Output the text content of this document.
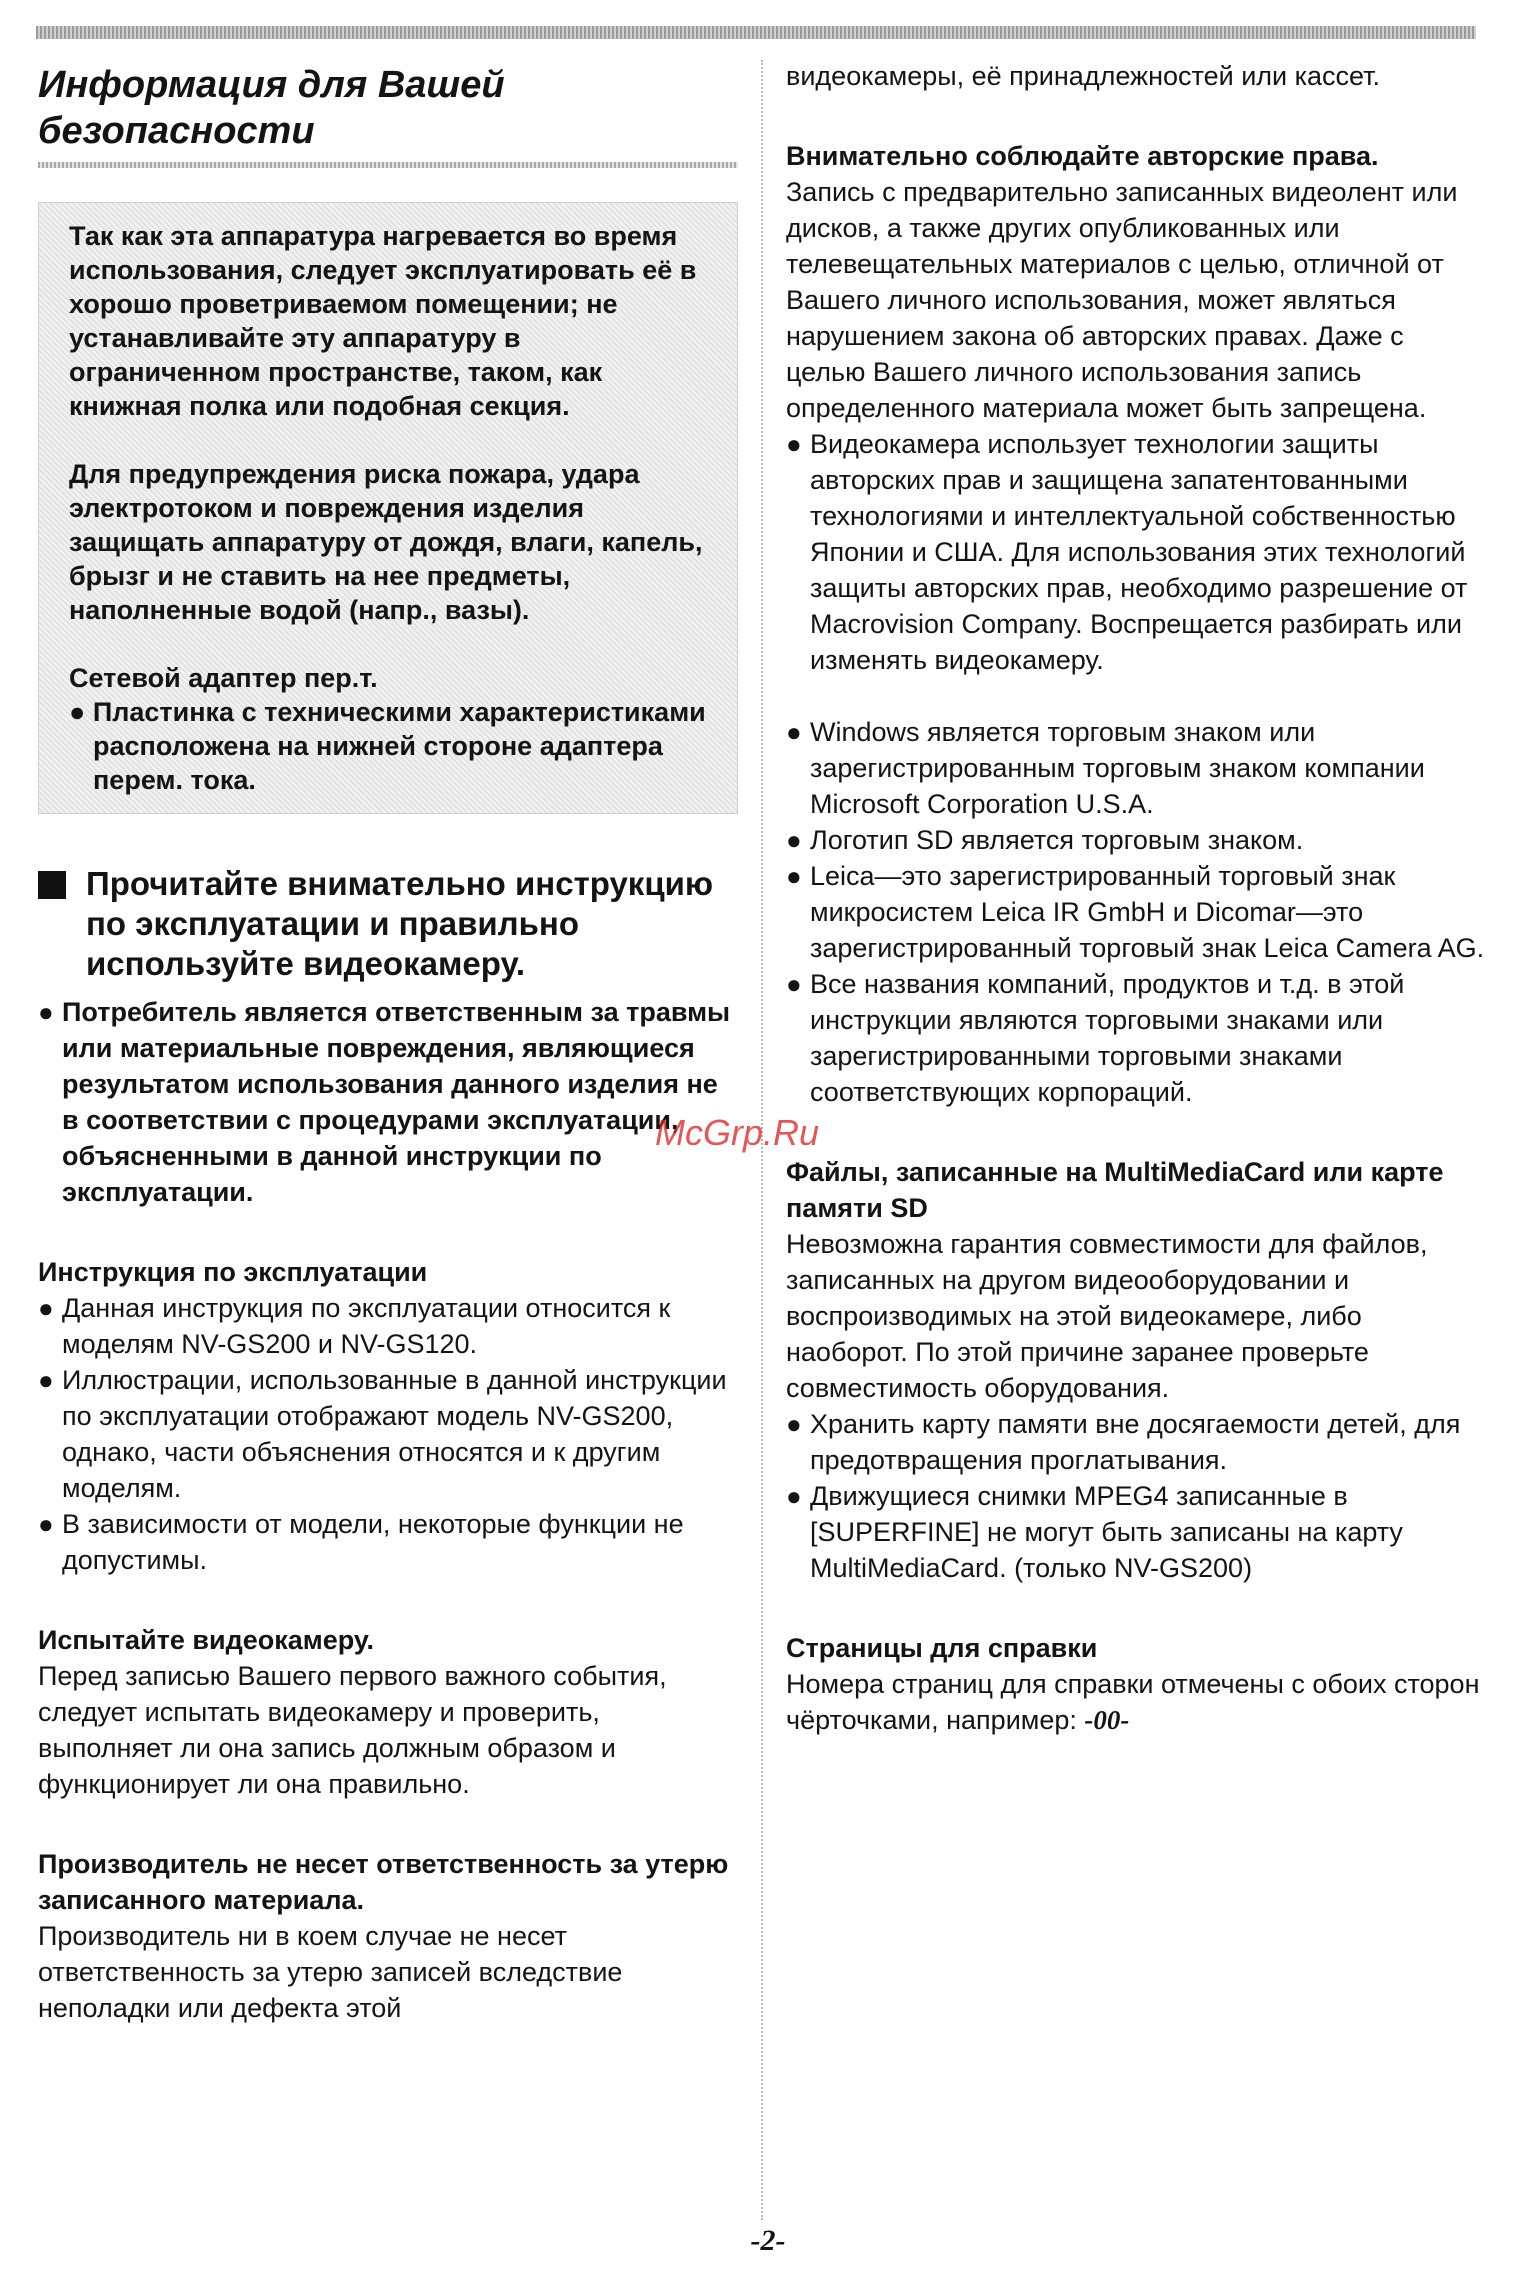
Информация для Вашей безопасности

Так как эта аппаратура нагревается во время использования, следует эксплуатировать её в хорошо проветриваемом помещении; не устанавливайте эту аппаратуру в ограниченном пространстве, таком, как книжная полка или подобная секция.

Для предупреждения риска пожара, удара электротоком и повреждения изделия защищать аппаратуру от дождя, влаги, капель, брызг и не ставить на нее предметы, наполненные водой (напр., вазы).

Сетевой адаптер пер.т.

● Пластинка с техническими характеристиками расположена на нижней стороне адаптера перем. тока.

Прочитайте внимательно инструкцию по эксплуатации и правильно используйте видеокамеру.

● Потребитель является ответственным за травмы или материальные повреждения, являющиеся результатом использования данного изделия не в соответствии с процедурами эксплуатации, объясненными в данной инструкции по эксплуатации.

Инструкция по эксплуатации

● Данная инструкция по эксплуатации относится к моделям NV-GS200 и NV-GS120.

● Иллюстрации, использованные в данной инструкции по эксплуатации отображают модель NV-GS200, однако, части объяснения относятся и к другим моделям.

● В зависимости от модели, некоторые функции не допустимы.

Испытайте видеокамеру.

Перед записью Вашего первого важного события, следует испытать видеокамеру и проверить, выполняет ли она запись должным образом и функционирует ли она правильно.

Производитель не несет ответственность за утерю записанного материала.

Производитель ни в коем случае не несет ответственность за утерю записей вследствие неполадки или дефекта этой

видеокамеры, её принадлежностей или кассет.

Внимательно соблюдайте авторские права.

Запись с предварительно записанных видеолент или дисков, а также других опубликованных или телевещательных материалов с целью, отличной от Вашего личного использования, может являться нарушением закона об авторских правах. Даже с целью Вашего личного использования запись определенного материала может быть запрещена.

● Видеокамера использует технологии защиты авторских прав и защищена запатентованными технологиями и интеллектуальной собственностью Японии и США. Для использования этих технологий защиты авторских прав, необходимо разрешение от Macrovision Company. Воспрещается разбирать или изменять видеокамеру.

● Windows является торговым знаком или зарегистрированным торговым знаком компании Microsoft Corporation U.S.A.

● Логотип SD является торговым знаком.

● Leica—это зарегистрированный торговый знак микросистем Leica IR GmbH и Dicomar—это зарегистрированный торговый знак Leica Camera AG.

● Все названия компаний, продуктов и т.д. в этой инструкции являются торговыми знаками или зарегистрированными торговыми знаками соответствующих корпораций.

Файлы, записанные на MultiMediaCard или карте памяти SD

Невозможна гарантия совместимости для файлов, записанных на другом видеооборудовании и воспроизводимых на этой видеокамере, либо наоборот. По этой причине заранее проверьте совместимость оборудования.

● Хранить карту памяти вне досягаемости детей, для предотвращения проглатывания.

● Движущиеся снимки MPEG4 записанные в [SUPERFINE] не могут быть записаны на карту MultiMediaCard. (только NV-GS200)

Страницы для справки

Номера страниц для справки отмечены с обоих сторон чёрточками, например: -00-

McGrp.Ru
-2-
